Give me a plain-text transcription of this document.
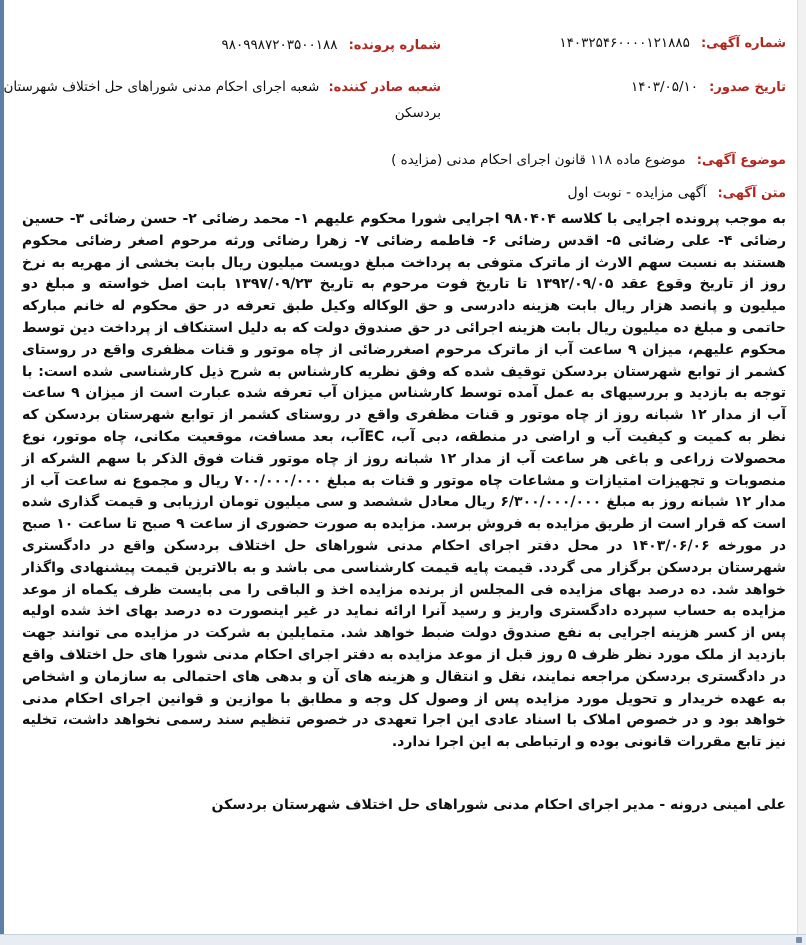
شماره آگهی: ۱۴۰۳۲۵۴۶۰۰۰۰۱۲۱۸۸۵
شماره پرونده: ۹۸۰۹۹۸۷۲۰۳۵۰۰۱۸۸
تاریخ صدور: ۱۴۰۳/۰۵/۱۰
شعبه صادر کننده: شعبه اجرای احکام مدنی شوراهای حل اختلاف شهرستان
بردسکن
موضوع آگهی: موضوع ماده ۱۱۸ قانون اجرای احکام مدنی (مزایده )
متن آگهی: آگهی مزایده - نوبت اول
به موجب پرونده اجرایی با کلاسه ۹۸۰۴۰۴ اجرایی شورا محکوم علیهم ۱- محمد رضائی ۲- حسن رضائی ۳- حسین رضائی ۴- علی رضائی ۵- اقدس رضائی ۶- فاطمه رضائی ۷- زهرا رضائی ورثه مرحوم اصغر رضائی محکوم هستند به نسبت سهم الارث از ماترک متوفی به پرداخت مبلغ دویست میلیون ریال بابت بخشی از مهریه به نرخ روز از تاریخ وقوع عقد ۱۳۹۲/۰۹/۰۵ تا تاریخ فوت مرحوم به تاریخ ۱۳۹۷/۰۹/۲۳ بابت اصل خواسته و مبلغ دو میلیون و پانصد هزار ریال بابت هزینه دادرسی و حق الوکاله وکیل طبق تعرفه در حق محکوم له خانم مبارکه حاتمی و مبلغ ده میلیون ریال بابت هزینه اجرائی در حق صندوق دولت که به دلیل استنکاف از پرداخت دین توسط محکوم علیهم، میزان ۹ ساعت آب از ماترک مرحوم اصغررضائی از چاه موتور و قنات مظفری واقع در روستای کشمر از توابع شهرستان بردسکن توقیف شده که وفق نظریه کارشناس به شرح ذیل کارشناسی شده است: با توجه به بازدید و بررسیهای به عمل آمده توسط کارشناس میزان آب تعرفه شده عبارت است از میزان ۹ ساعت آب از مدار ۱۲ شبانه روز از چاه موتور و قنات مظفری واقع در روستای کشمر از توابع شهرستان بردسکن که نظر به کمیت و کیفیت آب و اراضی در منطقه، دبی آب، ECآب، بعد مسافت، موقعیت مکانی، چاه موتور، نوع محصولات زراعی و باغی هر ساعت آب از مدار ۱۲ شبانه روز از چاه موتور قنات فوق الذکر با سهم الشرکه از منصوبات و تجهیزات امتیازات و مشاعات چاه موتور و قنات به مبلغ ۷۰۰/۰۰۰/۰۰۰ ریال و مجموع نه ساعت آب از مدار ۱۲ شبانه روز به مبلغ ۶/۳۰۰/۰۰۰/۰۰۰ ریال معادل ششصد و سی میلیون تومان ارزیابی و قیمت گذاری شده است که قرار است از طریق مزایده به فروش برسد. مزایده به صورت حضوری از ساعت ۹ صبح تا ساعت ۱۰ صبح در مورخه ۱۴۰۳/۰۶/۰۶ در محل دفتر اجرای احکام مدنی شوراهای حل اختلاف بردسکن واقع در دادگستری شهرستان بردسکن برگزار می گردد. قیمت پایه قیمت کارشناسی می باشد و به بالاترین قیمت پیشنهادی واگذار خواهد شد. ده درصد بهای مزایده فی المجلس از برنده مزایده اخذ و الباقی را می بایست ظرف یکماه از موعد مزایده به حساب سپرده دادگستری واریز و رسید آنرا ارائه نماید در غیر اینصورت ده درصد بهای اخذ شده اولیه پس از کسر هزینه اجرایی به نفع صندوق دولت ضبط خواهد شد. متمایلین به شرکت در مزایده می توانند جهت بازدید از ملک مورد نظر ظرف ۵ روز قبل از موعد مزایده به دفتر اجرای احکام مدنی شورا های حل اختلاف واقع در دادگستری بردسکن مراجعه نمایند، نقل و انتقال و هزینه های آن و بدهی های احتمالی به سازمان و اشخاص به عهده خریدار و تحویل مورد مزایده پس از وصول کل وجه و مطابق با موازین و قوانین اجرای احکام مدنی خواهد بود و در خصوص املاک با اسناد عادی این اجرا تعهدی در خصوص تنظیم سند رسمی نخواهد داشت، تخلیه نیز تابع مقررات قانونی بوده و ارتباطی به این اجرا ندارد.
علی امینی درونه - مدیر اجرای احکام مدنی شوراهای حل اختلاف شهرستان بردسکن
